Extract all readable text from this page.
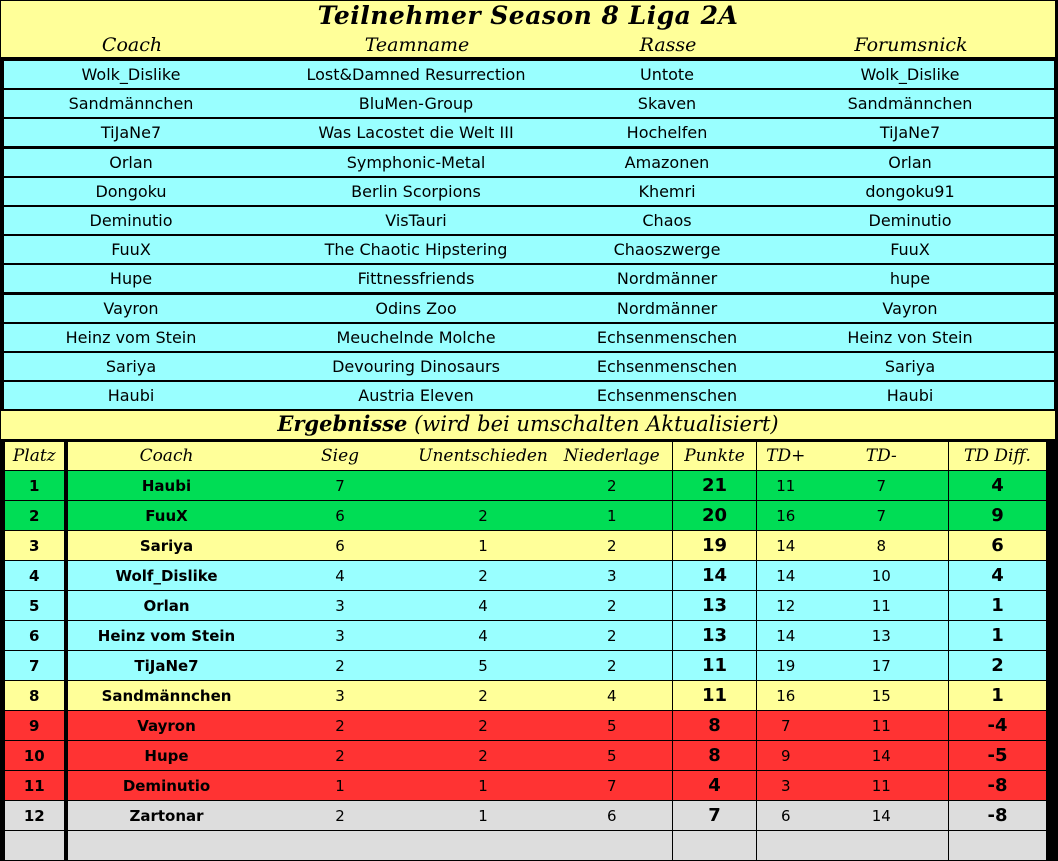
Teilnehmer Season 8 Liga 2A
Coach	Teamname	Rasse	Forumsnick
Wolk_Dislike	Lost&Damned Resurrection	Untote	Wolk_Dislike
Sandmännchen	BluMen-Group	Skaven	Sandmännchen
TiJaNe7	Was Lacostet die Welt III	Hochelfen	TiJaNe7
Orlan	Symphonic-Metal	Amazonen	Orlan
Dongoku	Berlin Scorpions	Khemri	dongoku91
Deminutio	VisTauri	Chaos	Deminutio
FuuX	The Chaotic Hipstering	Chaoszwerge	FuuX
Hupe	Fittnessfriends	Nordmänner	hupe
Vayron	Odins Zoo	Nordmänner	Vayron
Heinz vom Stein	Meuchelnde Molche	Echsenmenschen	Heinz von Stein
Sariya	Devouring Dinosaurs	Echsenmenschen	Sariya
Haubi	Austria Eleven	Echsenmenschen	Haubi
Ergebnisse (wird bei umschalten Aktualisiert)
Platz	Coach	Sieg	Unentschieden	Niederlage	Punkte	TD+	TD-	TD Diff.
1	Haubi	7		2	21	11	7	4
2	FuuX	6	2	1	20	16	7	9
3	Sariya	6	1	2	19	14	8	6
4	Wolf_Dislike	4	2	3	14	14	10	4
5	Orlan	3	4	2	13	12	11	1
6	Heinz vom Stein	3	4	2	13	14	13	1
7	TiJaNe7	2	5	2	11	19	17	2
8	Sandmännchen	3	2	4	11	16	15	1
9	Vayron	2	2	5	8	7	11	-4
10	Hupe	2	2	5	8	9	14	-5
11	Deminutio	1	1	7	4	3	11	-8
12	Zartonar	2	1	6	7	6	14	-8
